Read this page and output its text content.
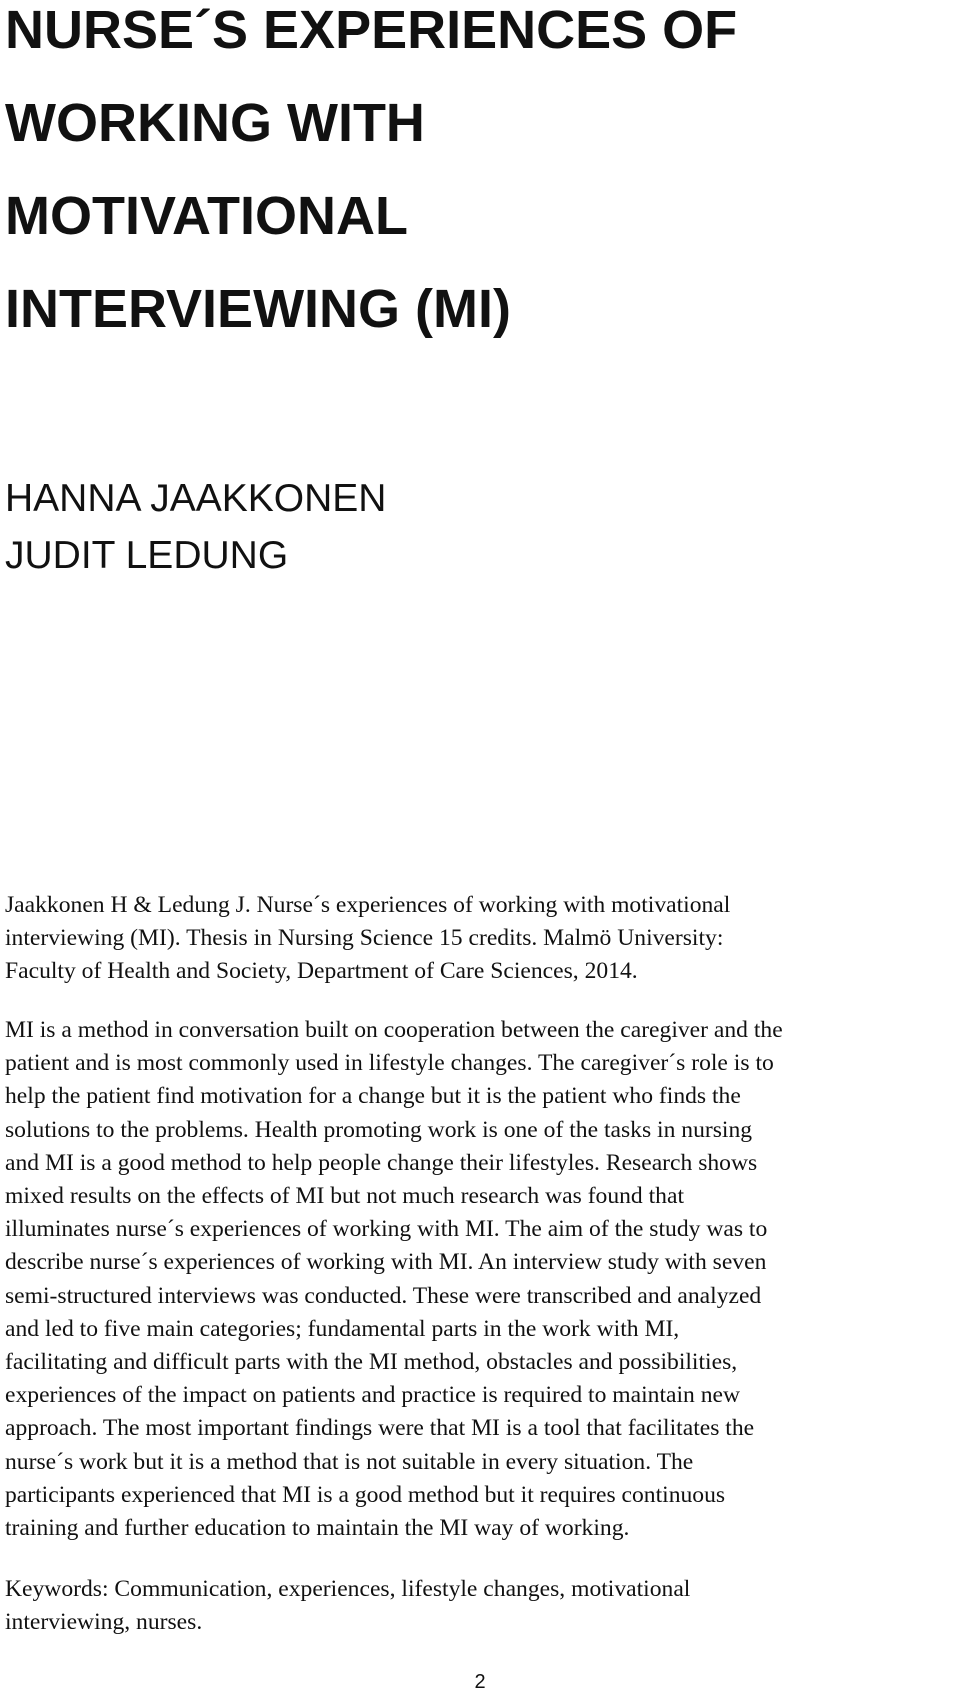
NURSE´S EXPERIENCES OF
WORKING WITH
MOTIVATIONAL
INTERVIEWING (MI)
HANNA JAAKKONEN
JUDIT LEDUNG

Jaakkonen H & Ledung J. Nurse´s experiences of working with motivational
interviewing (MI). Thesis in Nursing Science 15 credits. Malmö University:
Faculty of Health and Society, Department of Care Sciences, 2014.

MI is a method in conversation built on cooperation between the caregiver and the
patient and is most commonly used in lifestyle changes. The caregiver´s role is to
help the patient find motivation for a change but it is the patient who finds the
solutions to the problems. Health promoting work is one of the tasks in nursing
and MI is a good method to help people change their lifestyles. Research shows
mixed results on the effects of MI but not much research was found that
illuminates nurse´s experiences of working with MI. The aim of the study was to
describe nurse´s experiences of working with MI. An interview study with seven
semi-structured interviews was conducted. These were transcribed and analyzed
and led to five main categories; fundamental parts in the work with MI,
facilitating and difficult parts with the MI method, obstacles and possibilities,
experiences of the impact on patients and practice is required to maintain new
approach. The most important findings were that MI is a tool that facilitates the
nurse´s work but it is a method that is not suitable in every situation. The
participants experienced that MI is a good method but it requires continuous
training and further education to maintain the MI way of working.

Keywords: Communication, experiences, lifestyle changes, motivational
interviewing, nurses.

2
